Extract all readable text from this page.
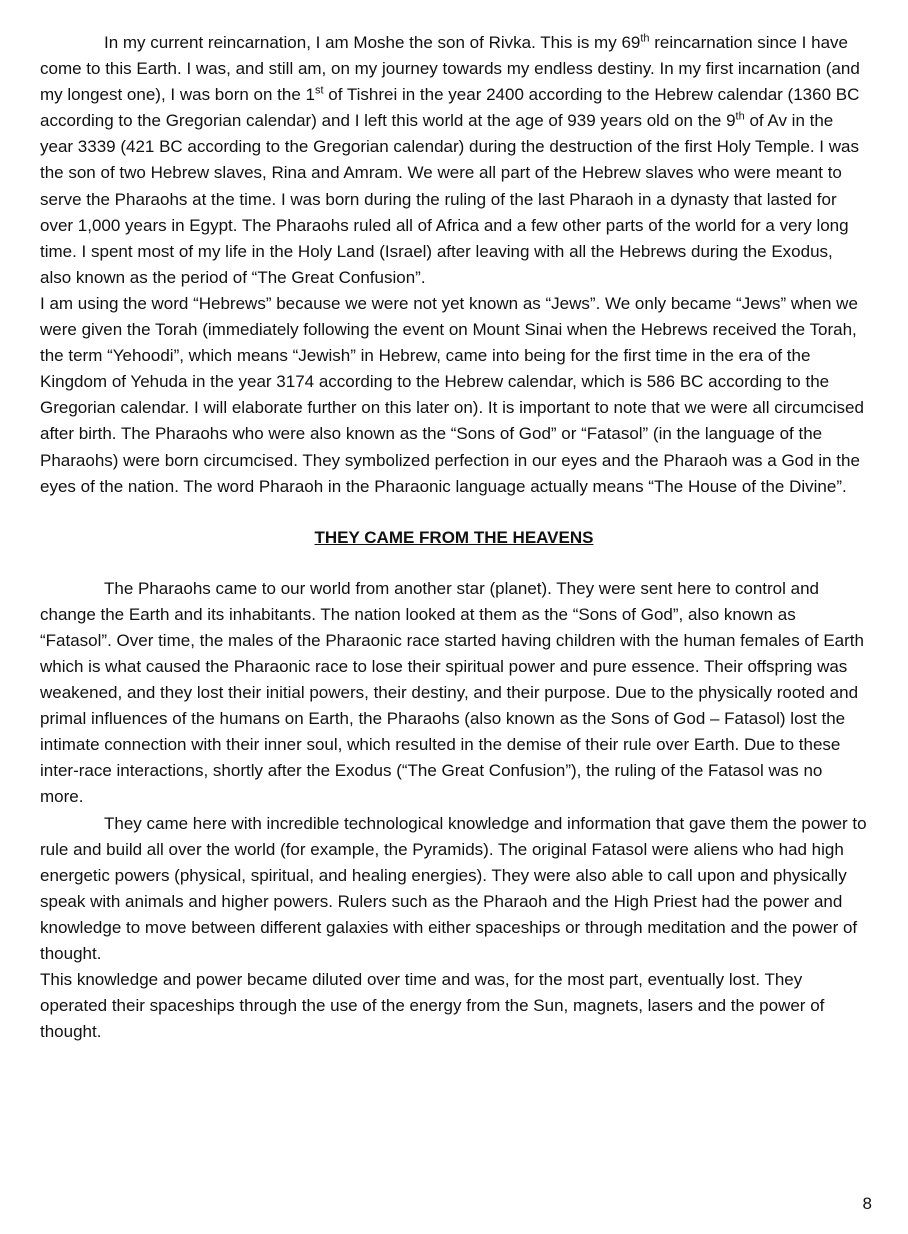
In my current reincarnation, I am Moshe the son of Rivka. This is my 69th reincarnation since I have come to this Earth. I was, and still am, on my journey towards my endless destiny. In my first incarnation (and my longest one), I was born on the 1st of Tishrei in the year 2400 according to the Hebrew calendar (1360 BC according to the Gregorian calendar) and I left this world at the age of 939 years old on the 9th of Av in the year 3339 (421 BC according to the Gregorian calendar) during the destruction of the first Holy Temple. I was the son of two Hebrew slaves, Rina and Amram. We were all part of the Hebrew slaves who were meant to serve the Pharaohs at the time. I was born during the ruling of the last Pharaoh in a dynasty that lasted for over 1,000 years in Egypt. The Pharaohs ruled all of Africa and a few other parts of the world for a very long time. I spent most of my life in the Holy Land (Israel) after leaving with all the Hebrews during the Exodus, also known as the period of “The Great Confusion”.

I am using the word “Hebrews” because we were not yet known as “Jews”. We only became “Jews” when we were given the Torah (immediately following the event on Mount Sinai when the Hebrews received the Torah, the term “Yehoodi”, which means “Jewish” in Hebrew, came into being for the first time in the era of the Kingdom of Yehuda in the year 3174 according to the Hebrew calendar, which is 586 BC according to the Gregorian calendar. I will elaborate further on this later on). It is important to note that we were all circumcised after birth. The Pharaohs who were also known as the “Sons of God” or “Fatasol” (in the language of the Pharaohs) were born circumcised. They symbolized perfection in our eyes and the Pharaoh was a God in the eyes of the nation. The word Pharaoh in the Pharaonic language actually means “The House of the Divine”.

THEY CAME FROM THE HEAVENS

The Pharaohs came to our world from another star (planet). They were sent here to control and change the Earth and its inhabitants. The nation looked at them as the “Sons of God”, also known as “Fatasol”. Over time, the males of the Pharaonic race started having children with the human females of Earth which is what caused the Pharaonic race to lose their spiritual power and pure essence. Their offspring was weakened, and they lost their initial powers, their destiny, and their purpose. Due to the physically rooted and primal influences of the humans on Earth, the Pharaohs (also known as the Sons of God – Fatasol) lost the intimate connection with their inner soul, which resulted in the demise of their rule over Earth. Due to these inter-race interactions, shortly after the Exodus (“The Great Confusion”), the ruling of the Fatasol was no more.

They came here with incredible technological knowledge and information that gave them the power to rule and build all over the world (for example, the Pyramids). The original Fatasol were aliens who had high energetic powers (physical, spiritual, and healing energies). They were also able to call upon and physically speak with animals and higher powers. Rulers such as the Pharaoh and the High Priest had the power and knowledge to move between different galaxies with either spaceships or through meditation and the power of thought.

This knowledge and power became diluted over time and was, for the most part, eventually lost. They operated their spaceships through the use of the energy from the Sun, magnets, lasers and the power of thought.

8
